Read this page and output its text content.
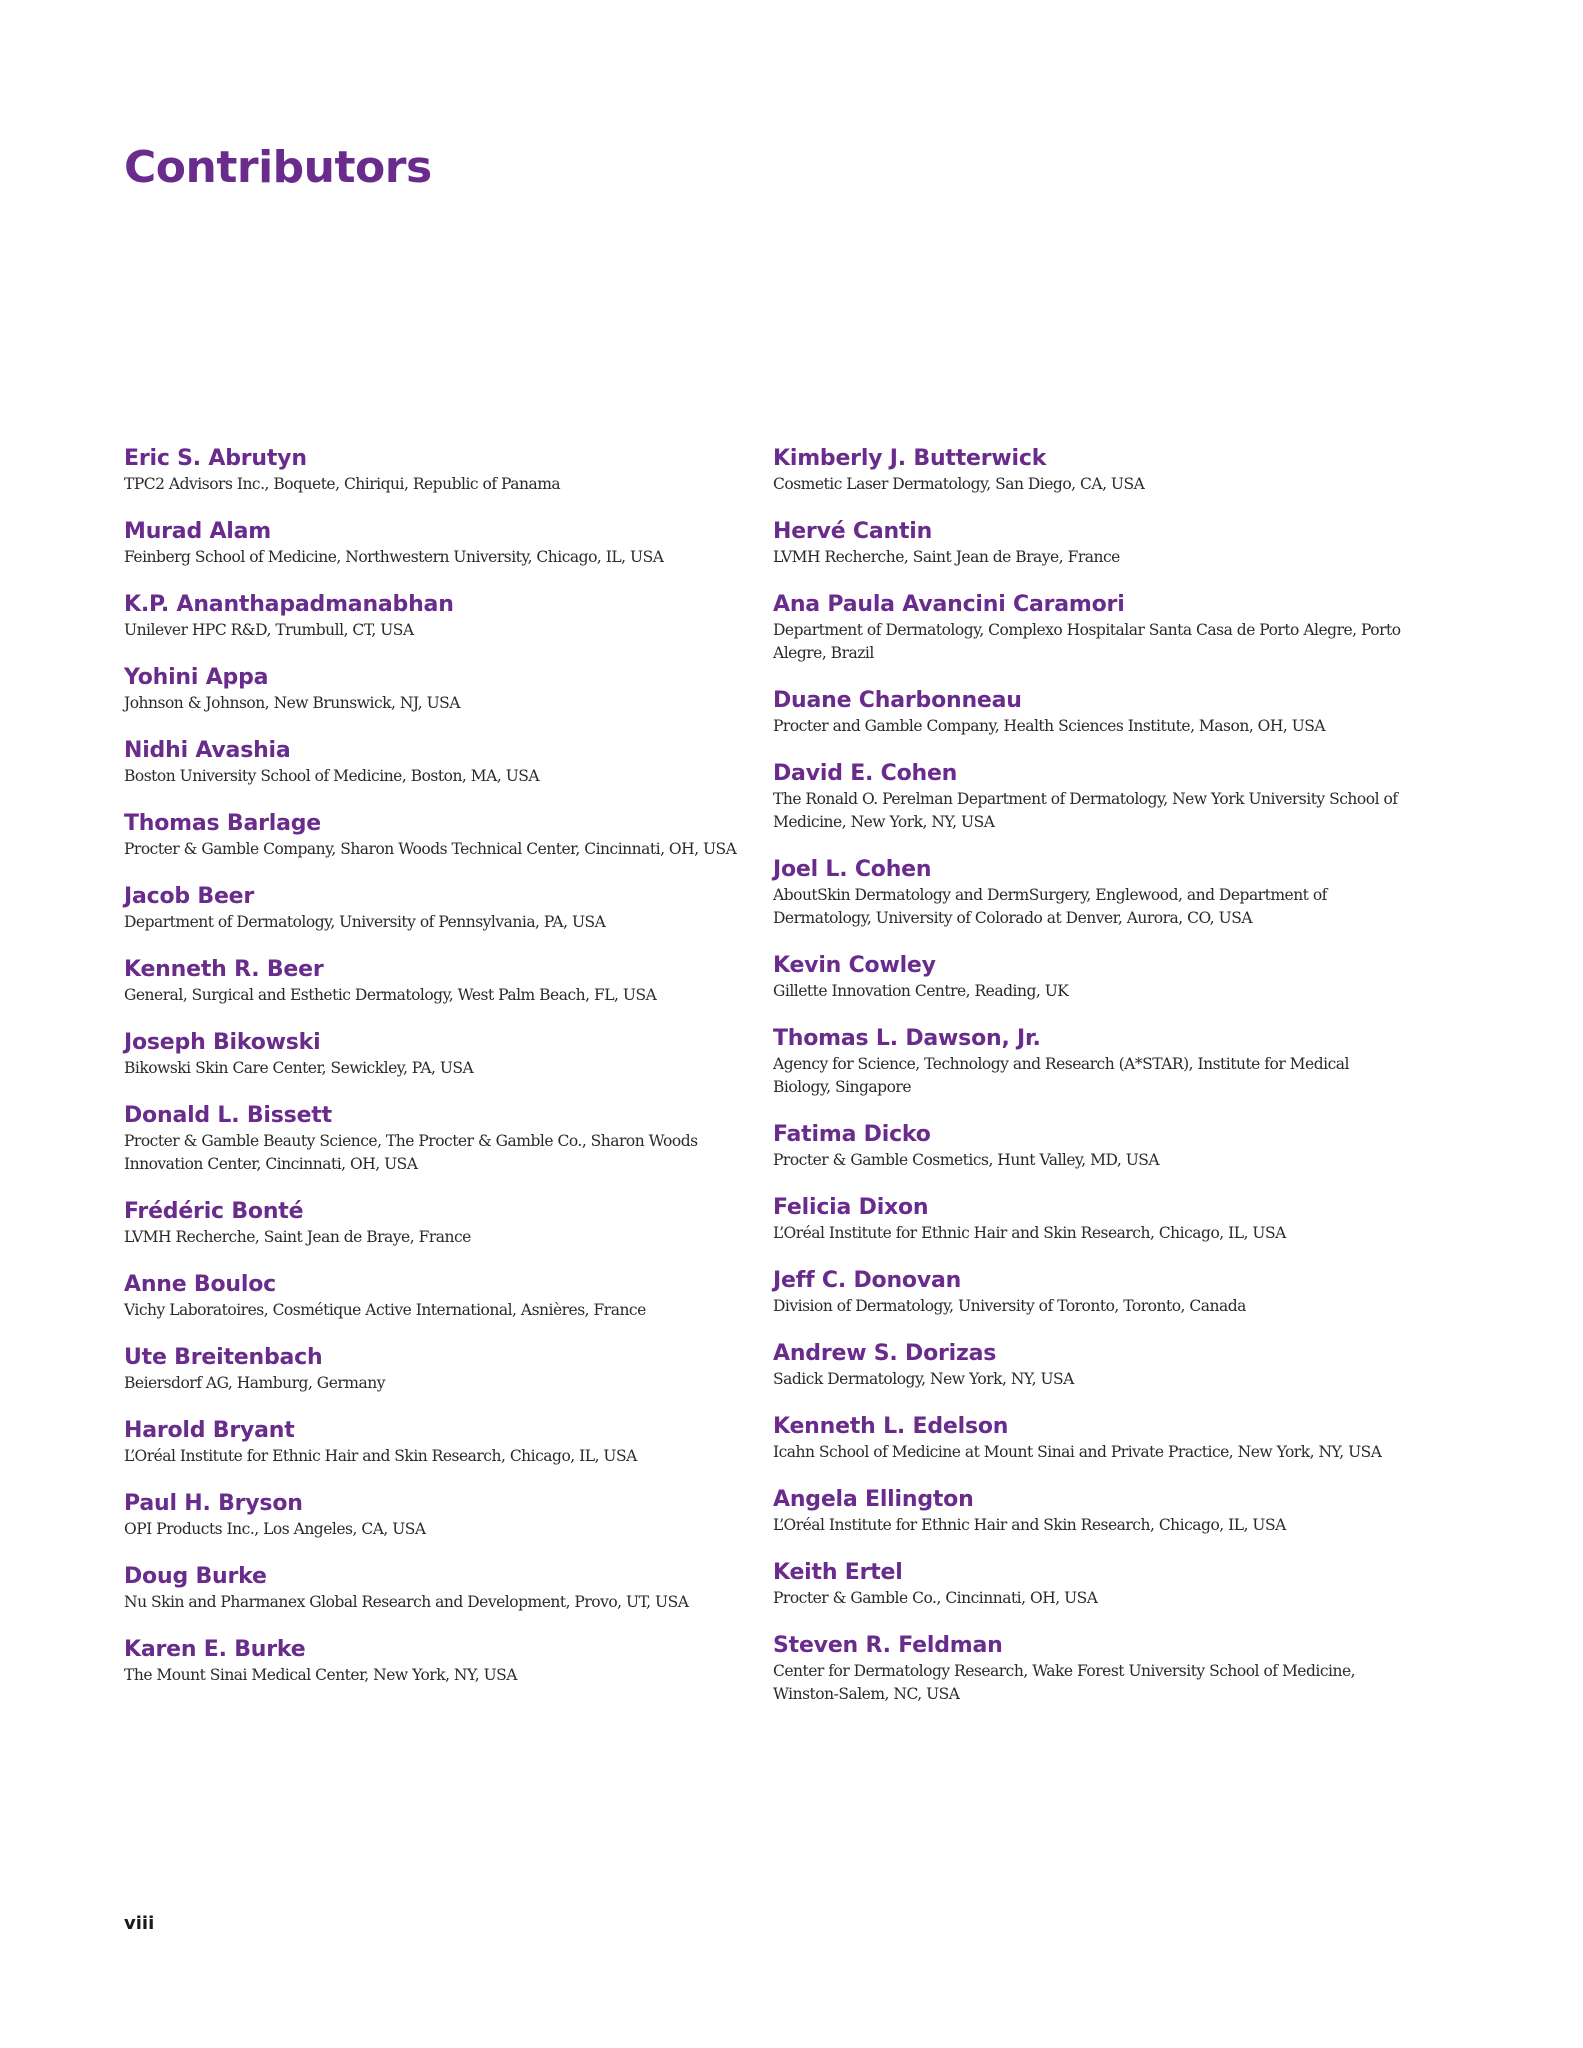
Contributors
Eric S. Abrutyn
TPC2 Advisors Inc., Boquete, Chiriqui, Republic of Panama
Murad Alam
Feinberg School of Medicine, Northwestern University, Chicago, IL, USA
K.P. Ananthapadmanabhan
Unilever HPC R&D, Trumbull, CT, USA
Yohini Appa
Johnson & Johnson, New Brunswick, NJ, USA
Nidhi Avashia
Boston University School of Medicine, Boston, MA, USA
Thomas Barlage
Procter & Gamble Company, Sharon Woods Technical Center, Cincinnati, OH, USA
Jacob Beer
Department of Dermatology, University of Pennsylvania, PA, USA
Kenneth R. Beer
General, Surgical and Esthetic Dermatology, West Palm Beach, FL, USA
Joseph Bikowski
Bikowski Skin Care Center, Sewickley, PA, USA
Donald L. Bissett
Procter & Gamble Beauty Science, The Procter & Gamble Co., Sharon Woods Innovation Center, Cincinnati, OH, USA
Frédéric Bonté
LVMH Recherche, Saint Jean de Braye, France
Anne Bouloc
Vichy Laboratoires, Cosmétique Active International, Asnières, France
Ute Breitenbach
Beiersdorf AG, Hamburg, Germany
Harold Bryant
L’Oréal Institute for Ethnic Hair and Skin Research, Chicago, IL, USA
Paul H. Bryson
OPI Products Inc., Los Angeles, CA, USA
Doug Burke
Nu Skin and Pharmanex Global Research and Development, Provo, UT, USA
Karen E. Burke
The Mount Sinai Medical Center, New York, NY, USA
Kimberly J. Butterwick
Cosmetic Laser Dermatology, San Diego, CA, USA
Hervé Cantin
LVMH Recherche, Saint Jean de Braye, France
Ana Paula Avancini Caramori
Department of Dermatology, Complexo Hospitalar Santa Casa de Porto Alegre, Porto Alegre, Brazil
Duane Charbonneau
Procter and Gamble Company, Health Sciences Institute, Mason, OH, USA
David E. Cohen
The Ronald O. Perelman Department of Dermatology, New York University School of Medicine, New York, NY, USA
Joel L. Cohen
AboutSkin Dermatology and DermSurgery, Englewood, and Department of Dermatology, University of Colorado at Denver, Aurora, CO, USA
Kevin Cowley
Gillette Innovation Centre, Reading, UK
Thomas L. Dawson, Jr.
Agency for Science, Technology and Research (A*STAR), Institute for Medical Biology, Singapore
Fatima Dicko
Procter & Gamble Cosmetics, Hunt Valley, MD, USA
Felicia Dixon
L’Oréal Institute for Ethnic Hair and Skin Research, Chicago, IL, USA
Jeff C. Donovan
Division of Dermatology, University of Toronto, Toronto, Canada
Andrew S. Dorizas
Sadick Dermatology, New York, NY, USA
Kenneth L. Edelson
Icahn School of Medicine at Mount Sinai and Private Practice, New York, NY, USA
Angela Ellington
L’Oréal Institute for Ethnic Hair and Skin Research, Chicago, IL, USA
Keith Ertel
Procter & Gamble Co., Cincinnati, OH, USA
Steven R. Feldman
Center for Dermatology Research, Wake Forest University School of Medicine, Winston-Salem, NC, USA
viii
